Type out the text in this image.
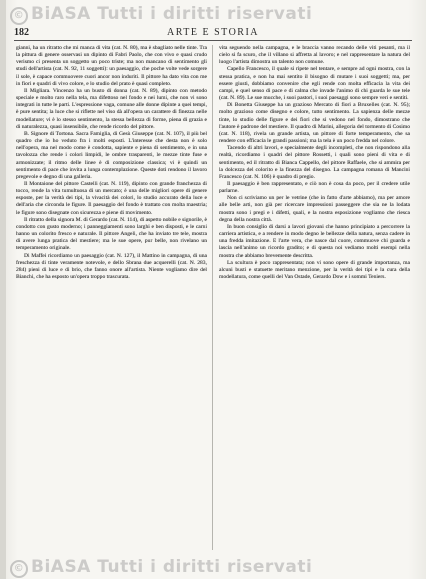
© BiASA Tutti i diritti riservati
182	ARTE E STORIA

gianni, ha un ritratto che mi manca di vita (cat. N. 80), ma è sbagliato nelle tinte. Tra la pittura di genere osservasi un dipinto di Fabri Paolo, che con vivo e quasi crudo verismo ci presenta un soggetto un poco triste; ma non mancano di sentimento gli studi dell'artista (cat. N. 92, 11 soggetti): un paesaggio, che poche volte vede sorgere il sole, è capace commuovere cuori ancor non induriti. Il pittore ha dato vita con me in fiori e quadri di vivo colore, e lo studio del prato è quasi completo.

Il Migliara. Vincenzo ha un busto di donna (cat. N. 89), dipinto con metodo speciale e molto raro nella tela, ma difettoso nel fondo e nei lumi, che non vi sono integrati in tutte le parti. L'espressione vaga, comune alle donne dipinte a quei tempi, è pure sentita; la luce che si riflette nel viso dà all'opera un carattere di finezza nelle modellature; vi è lo stesso sentimento, la stessa bellezza di forme, piena di grazia e di naturalezza, quasi insensibile, che rende ricordo del pittore.

B. Signore di Tortona. Sacra Famiglia, di Gesù Giuseppe (cat. N. 107), il più bel quadro che io ho veduto fra i molti esposti. L'interesse che desta non è solo nell'opera, ma nel modo come è condotta, sapiente e piena di sentimento, e in una tavolozza che rende i colori limpidi, le ombre trasparenti, le mezze tinte fuse e armonizzate; il ritmo delle linee è di composizione classica; vi è quindi un sentimento di pace che invita a lunga contemplazione. Queste doti rendono il lavoro pregevole e degno di una galleria.

Il Montaione del pittore Castelli (cat. N. 119), dipinto con grande franchezza di tocco, rende la vita tumultuosa di un mercato; è una delle migliori opere di genere esposte, per la verità dei tipi, la vivacità dei colori, lo studio accurato della luce e dell'aria che circonda le figure. Il paesaggio del fondo è trattato con molta maestria; le figure sono disegnate con sicurezza e piene di movimento.

Il ritratto della signora M. di Gerardo (cat. N. 114), di aspetto nobile e signorile, è condotto con gusto moderno; i panneggiamenti sono larghi e ben disposti, e le carni hanno un colorito fresco e naturale. Il pittore Angeli, che ha inviato tre tele, mostra di avere lunga pratica del mestiere; ma le sue opere, pur belle, non rivelano un temperamento originale.

Di Maffei ricordiamo un paesaggio (cat. N. 127), il Mattino in campagna, di una freschezza di tinte veramente notevole, e dello Sbrana due acquerelli (cat. N. 283, 284) pieni di luce e di brio, che fanno onore all'artista. Niente vogliamo dire del Bianchi, che ha esposto un'opera troppo trascurata.

vita seguendo nella campagna, e le braccia vanno recando delle viti pesanti, ma il cielo si fa scuro, che il villano si affretta al lavoro; e nel rappresentare la natura del luogo l'artista dimostra un talento non comune.

Capello Francesco, il quale si ripete nel tentare, e sempre ad ogni mostra, con la stessa pratica, e non ha mai sentito il bisogno di mutare i suoi soggetti; ma, per essere giusti, dobbiamo convenire che egli rende con molta efficacia la vita dei campi, e quel senso di pace e di calma che invade l'animo di chi guarda le sue tele (cat. N. 89). Le sue mucche, i suoi pastori, i suoi paesaggi sono sempre veri e sentiti.

Di Bonetta Giuseppe ha un grazioso Mercato di fiori a Bruxelles (cat. N. 95); molto grazioso come disegno e colore, tutto sentimento. La sapienza delle mezze tinte, lo studio delle figure e dei fiori che si vedono nel fondo, dimostrano che l'autore è padrone del mestiere. Il quadro di Marini, allegoria del tormento di Cosimo (cat. N. 118), rivela un grande artista, un pittore di forte temperamento, che sa rendere con efficacia le grandi passioni; ma la tela è un poco fredda nel colore.

Tacendo di altri lavori, e specialmente degli incompleti, che non rispondono alla realtà, ricordiamo i quadri del pittore Rossetti, i quali sono pieni di vita e di sentimento, ed il ritratto di Bianca Cappello, del pittore Raffaele, che si ammira per la dolcezza del colorito e la finezza del disegno. La campagna romana di Mancini Francesco (cat. N. 106) è quadro di pregio.

Il paesaggio è ben rappresentato, e ciò non è cosa da poco, per il credere utile parlarne.

Non ci scriviamo un per le vetrine (che in fatto d'arte abbiamo), ma per amore alle belle arti, non già per ricercare impressioni passeggere che sia ne la lodata mostra sono i pregi e i difetti, quali, e la nostra esposizione vogliamo che riesca degna della nostra città.

In buon consiglio di darsi a lavori giovani che hanno principiato a percorrere la carriera artistica, e a rendere in modo degno le bellezze della natura, senza cadere in una fredda imitazione. E l'arte vera, che nasce dal cuore, commuove chi guarda e lascia nell'animo un ricordo gradito; e di questa noi vediamo molti esempi nella mostra che abbiamo brevemente descritta.

La scultura è poco rappresentata; non vi sono opere di grande importanza, ma alcuni busti e statuette meritano menzione, per la verità dei tipi e la cura della modellatura, come quelli del Van Ostade, Gerardo Dow e i sommi Teniers.

© BiASA Tutti i diritti riservati
